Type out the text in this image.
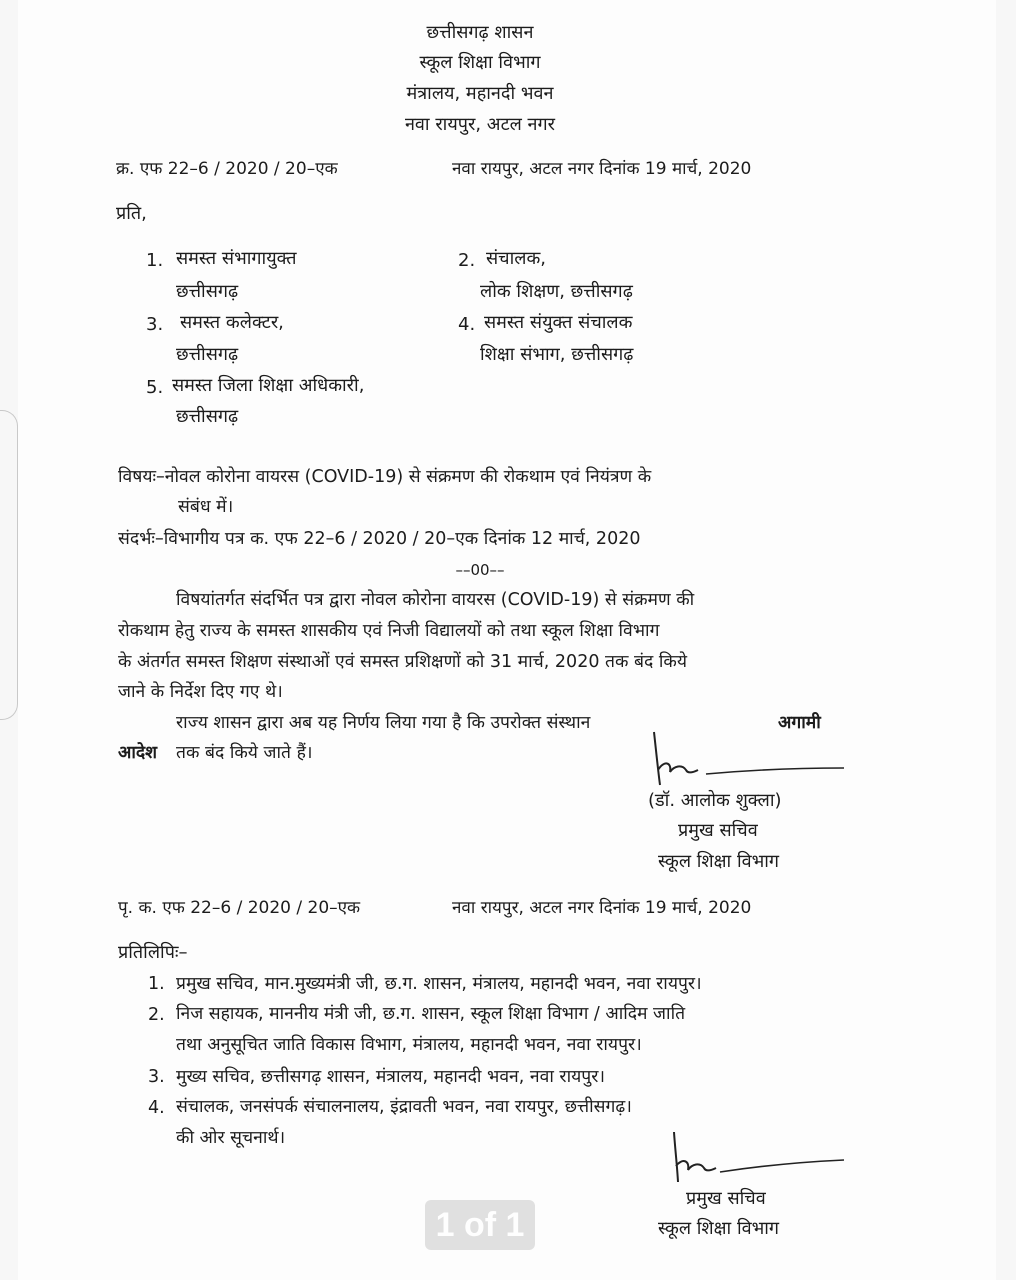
छत्तीसगढ़ शासन
स्कूल शिक्षा विभाग
मंत्रालय, महानदी भवन
नवा रायपुर, अटल नगर
क्र. एफ 22–6 / 2020 / 20–एक	नवा रायपुर, अटल नगर दिनांक 19 मार्च, 2020
प्रति,
1. समस्त संभागायुक्त
छत्तीसगढ़
2. संचालक,
लोक शिक्षण, छत्तीसगढ़
3. समस्त कलेक्टर,
छत्तीसगढ़
4. समस्त संयुक्त संचालक
शिक्षा संभाग, छत्तीसगढ़
5. समस्त जिला शिक्षा अधिकारी,
छत्तीसगढ़
विषयः–नोवल कोरोना वायरस (COVID-19) से संक्रमण की रोकथाम एवं नियंत्रण के
संबंध में।
संदर्भः–विभागीय पत्र क. एफ 22–6 / 2020 / 20–एक दिनांक 12 मार्च, 2020
––00––
विषयांतर्गत संदर्भित पत्र द्वारा नोवल कोरोना वायरस (COVID-19) से संक्रमण की
रोकथाम हेतु राज्य के समस्त शासकीय एवं निजी विद्यालयों को तथा स्कूल शिक्षा विभाग
के अंतर्गत समस्त शिक्षण संस्थाओं एवं समस्त प्रशिक्षणों को 31 मार्च, 2020 तक बंद किये
जाने के निर्देश दिए गए थे।
राज्य शासन द्वारा अब यह निर्णय लिया गया है कि उपरोक्त संस्थान	अगामी
आदेश तक बंद किये जाते हैं।
(डॉ. आलोक शुक्ला)
प्रमुख सचिव
स्कूल शिक्षा विभाग
पृ. क. एफ 22–6 / 2020 / 20–एक	नवा रायपुर, अटल नगर दिनांक 19 मार्च, 2020
प्रतिलिपिः–
1. प्रमुख सचिव, मान.मुख्यमंत्री जी, छ.ग. शासन, मंत्रालय, महानदी भवन, नवा रायपुर।
2. निज सहायक, माननीय मंत्री जी, छ.ग. शासन, स्कूल शिक्षा विभाग / आदिम जाति
तथा अनुसूचित जाति विकास विभाग, मंत्रालय, महानदी भवन, नवा रायपुर।
3. मुख्य सचिव, छत्तीसगढ़ शासन, मंत्रालय, महानदी भवन, नवा रायपुर।
4. संचालक, जनसंपर्क संचालनालय, इंद्रावती भवन, नवा रायपुर, छत्तीसगढ़।
की ओर सूचनार्थ।
प्रमुख सचिव
स्कूल शिक्षा विभाग
1 of 1
